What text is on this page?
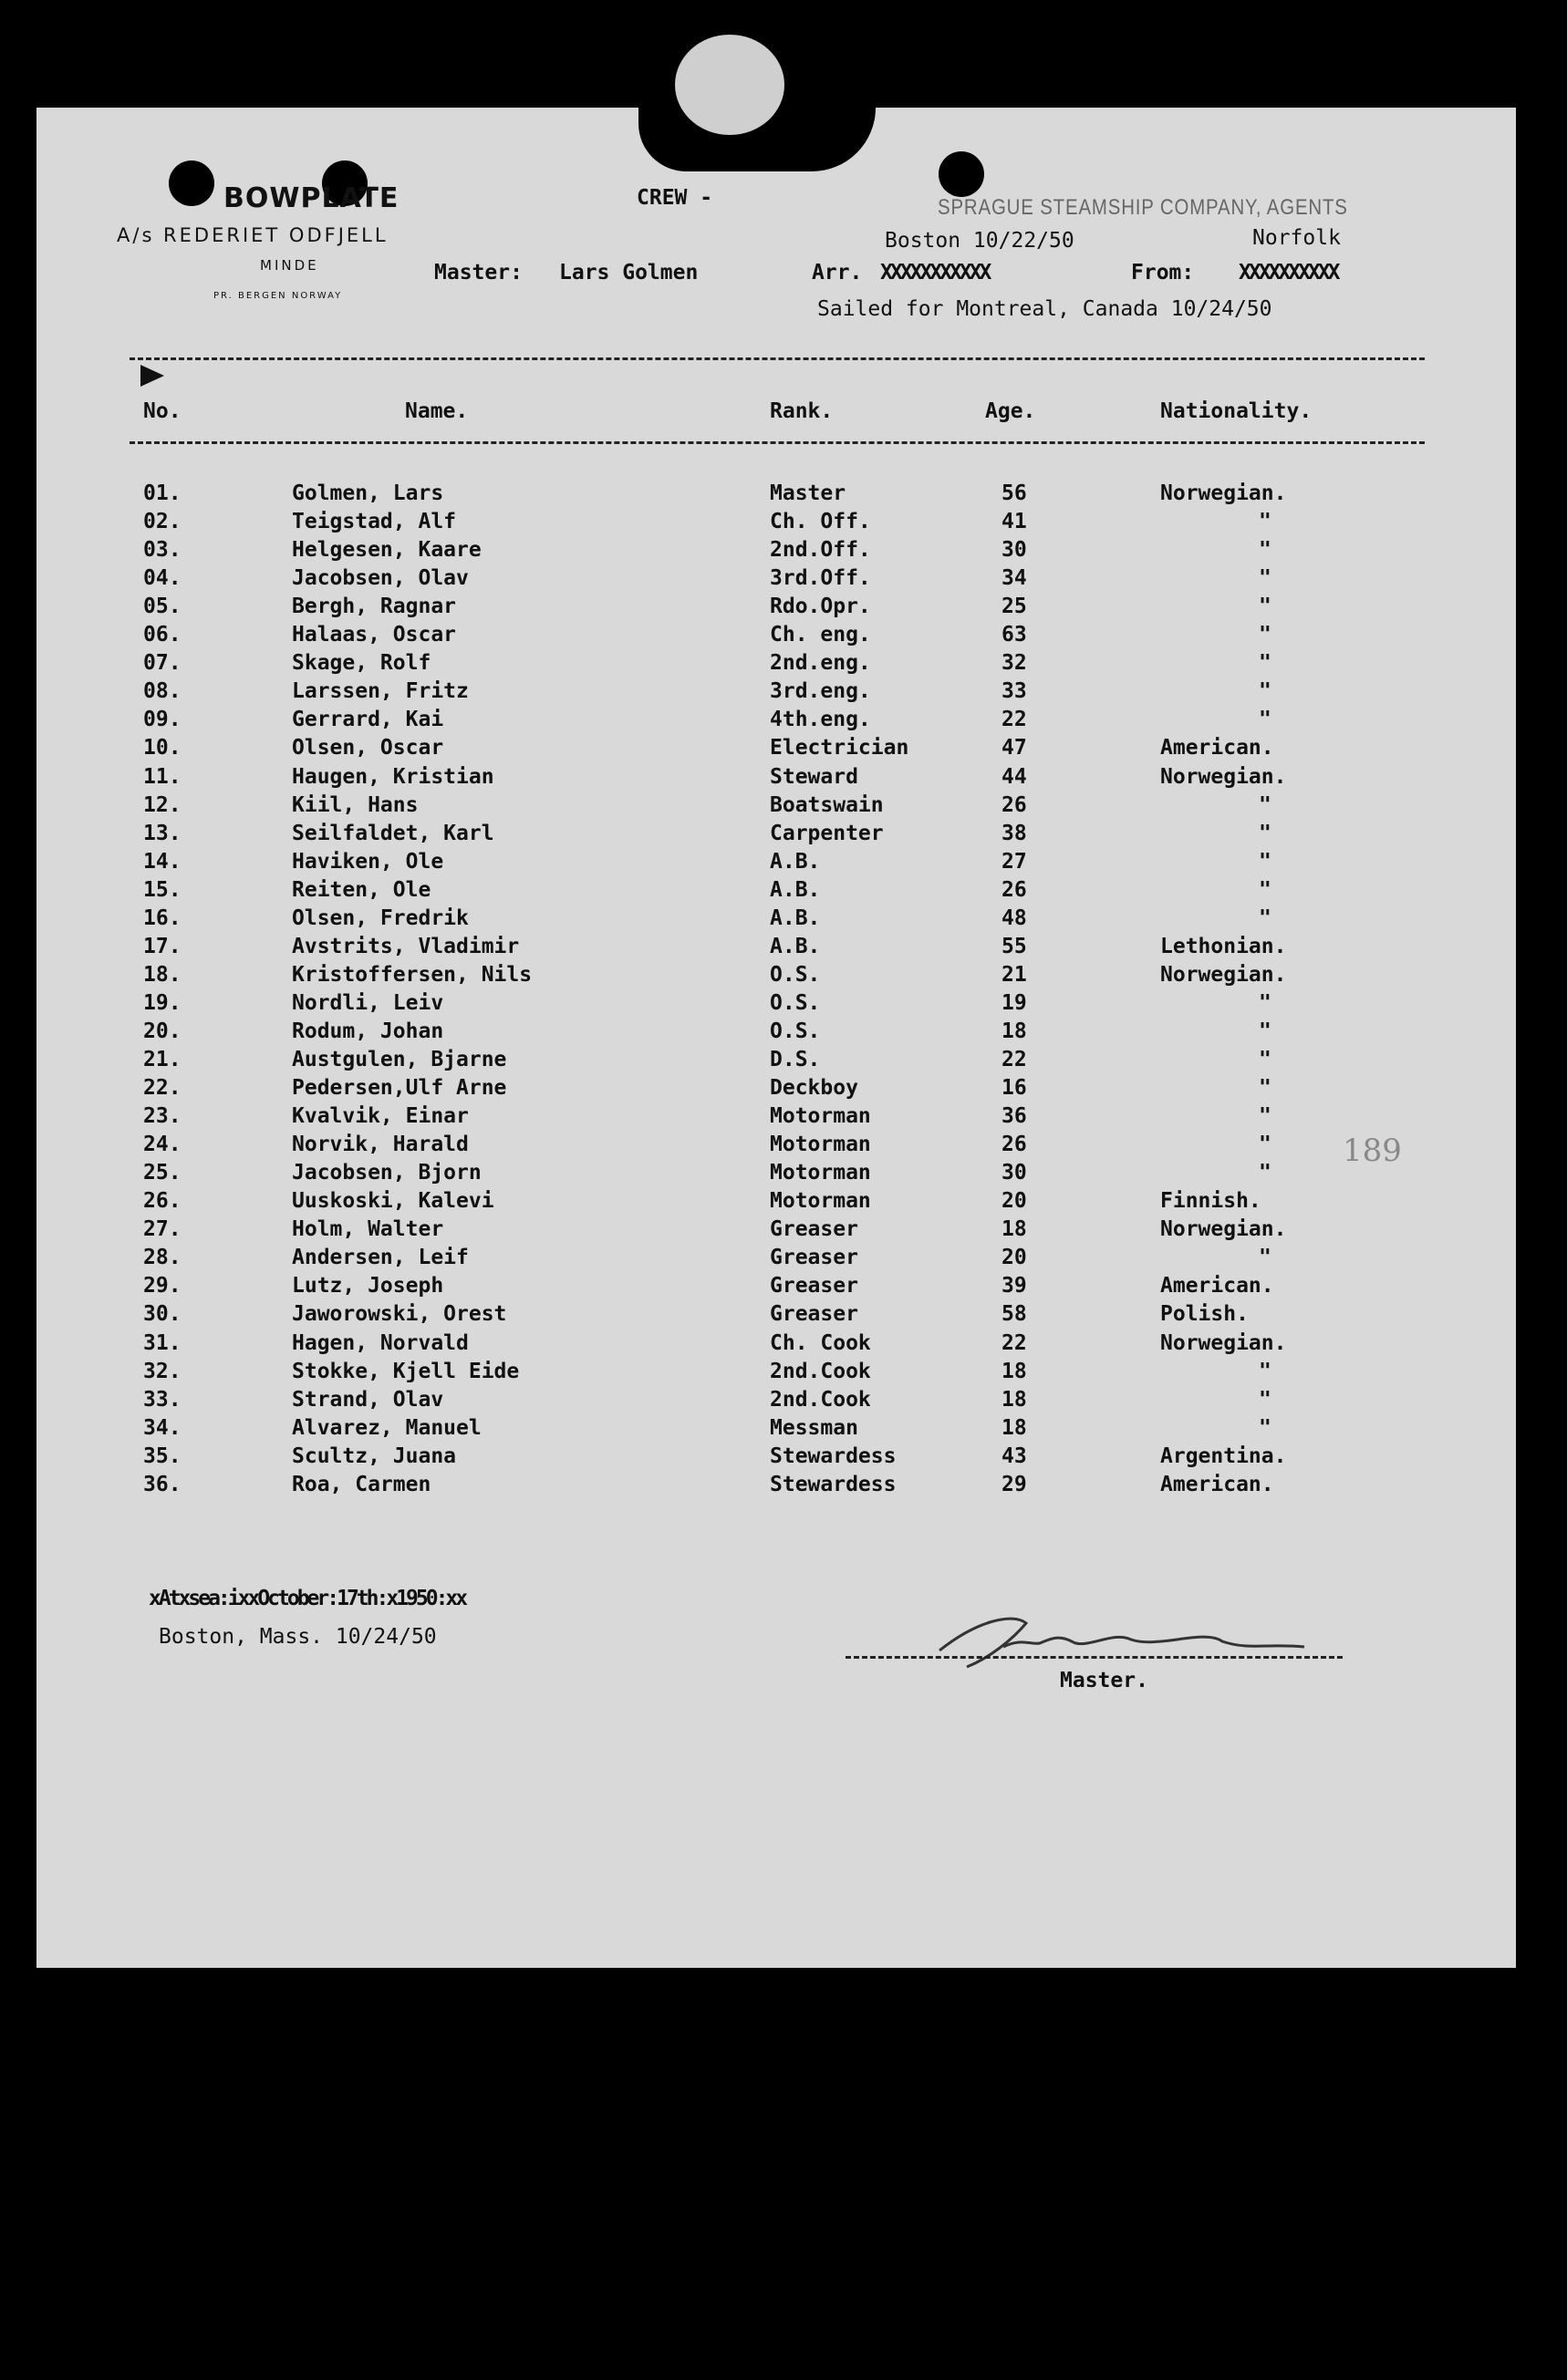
BOWPLATE
A/s REDERIET ODFJELL
MINDE
PR. BERGEN NORWAY
CREW -
Master: Lars Golmen
SPRAGUE STEAMSHIP COMPANY, AGENTS
Boston 10/22/50	Norfolk
Arr. XXXXXXXXXXX	From: XXXXXXXXXX
Sailed for Montreal, Canada 10/24/50
No.	Name.	Rank.	Age.	Nationality.
01.	Golmen, Lars	Master	56	Norwegian.
02.	Teigstad, Alf	Ch. Off.	41	"
03.	Helgesen, Kaare	2nd.Off.	30	"
04.	Jacobsen, Olav	3rd.Off.	34	"
05.	Bergh, Ragnar	Rdo.Opr.	25	"
06.	Halaas, Oscar	Ch. eng.	63	"
07.	Skage, Rolf	2nd.eng.	32	"
08.	Larssen, Fritz	3rd.eng.	33	"
09.	Gerrard, Kai	4th.eng.	22	"
10.	Olsen, Oscar	Electrician	47	American.
11.	Haugen, Kristian	Steward	44	Norwegian.
12.	Kiil, Hans	Boatswain	26	"
13.	Seilfaldet, Karl	Carpenter	38	"
14.	Haviken, Ole	A.B.	27	"
15.	Reiten, Ole	A.B.	26	"
16.	Olsen, Fredrik	A.B.	48	"
17.	Avstrits, Vladimir	A.B.	55	Lethonian.
18.	Kristoffersen, Nils	O.S.	21	Norwegian.
19.	Nordli, Leiv	O.S.	19	"
20.	Rodum, Johan	O.S.	18	"
21.	Austgulen, Bjarne	D.S.	22	"
22.	Pedersen,Ulf Arne	Deckboy	16	"
23.	Kvalvik, Einar	Motorman	36	"
24.	Norvik, Harald	Motorman	26	"
25.	Jacobsen, Bjorn	Motorman	30	"
26.	Uuskoski, Kalevi	Motorman	20	Finnish.
27.	Holm, Walter	Greaser	18	Norwegian.
28.	Andersen, Leif	Greaser	20	"
29.	Lutz, Joseph	Greaser	39	American.
30.	Jaworowski, Orest	Greaser	58	Polish.
31.	Hagen, Norvald	Ch. Cook	22	Norwegian.
32.	Stokke, Kjell Eide	2nd.Cook	18	"
33.	Strand, Olav	2nd.Cook	18	"
34.	Alvarez, Manuel	Messman	18	"
35.	Scultz, Juana	Stewardess	43	Argentina.
36.	Roa, Carmen	Stewardess	29	American.
189
xAtxsea:ixxOctober:17th:x1950:xx
Boston, Mass. 10/24/50
Master.
